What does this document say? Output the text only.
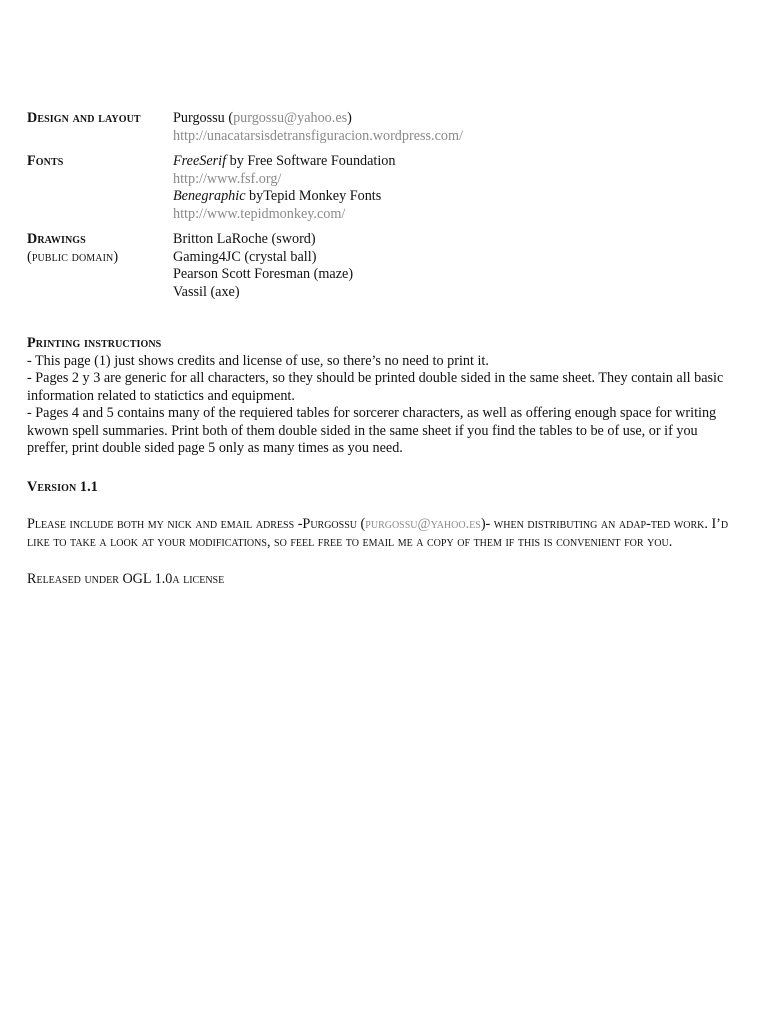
Design and layout	Purgossu (purgossu@yahoo.es)
http://unacatarsisdetransfiguracion.wordpress.com/
Fonts	FreeSerif by Free Software Foundation
http://www.fsf.org/
Benegraphic byTepid Monkey Fonts
http://www.tepidmonkey.com/
Drawings
(public domain)
Britton LaRoche (sword)
Gaming4JC (crystal ball)
Pearson Scott Foresman (maze)
Vassil (axe)
Printing instructions
- This page (1) just shows credits and license of use, so there’s no need to print it.
- Pages 2 y 3 are generic for all characters, so they should be printed double sided in the same sheet. They contain all basic information related to statictics and equipment.
- Pages 4 and 5 contains many of the requiered tables for sorcerer characters, as well as offering enough space for writing kwown spell summaries. Print both of them double sided in the same sheet if you find the tables to be of use, or if you preffer, print double sided page 5 only as many times as you need.
Version 1.1
Please include both my nick and email adress -Purgossu (purgossu@yahoo.es)- when distributing an adap-ted work. I’d like to take a look at your modifications, so feel free to email me a copy of them if this is convenient for you.
Released under OGL 1.0a license
